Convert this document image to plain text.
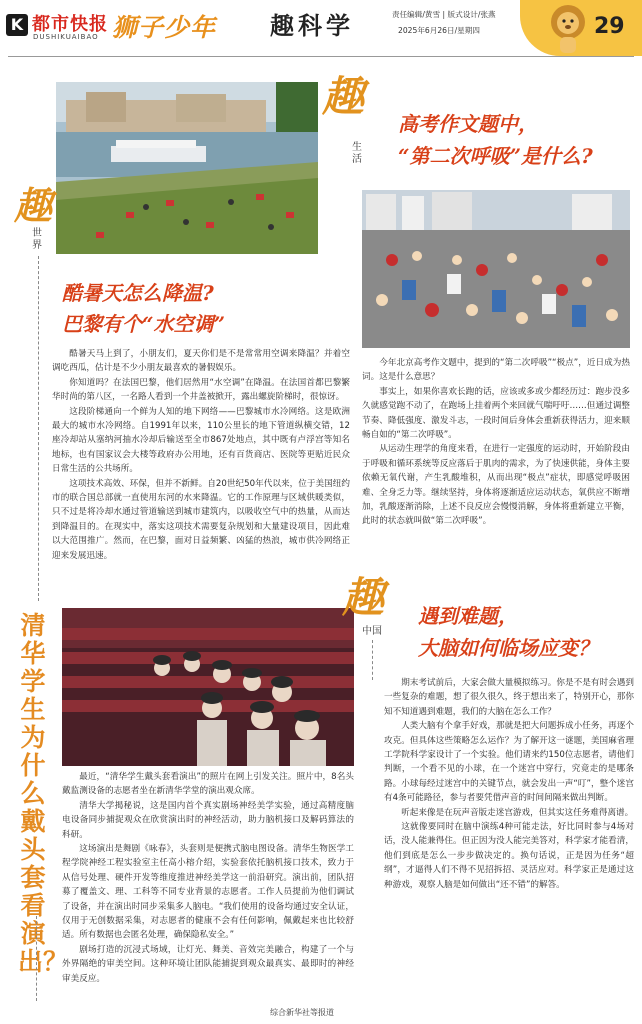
K 都市快报
DUSHIKUAIBAO 狮子少年 趣科学	责任编辑/黄雪 | 版式设计/张燕
2025年6月26日/星期四	29
趣
世界
酷暑天怎么降温?
巴黎有个“水空调”

酷暑天马上到了，小朋友们，夏天你们是不是常常用空调来降温？并着空调吃西瓜，估计是不少小朋友最喜欢的暑假娱乐。

你知道吗？在法国巴黎，他们居然用“水空调”在降温。在法国首都巴黎繁华时尚的第八区，一名路人看到一个井盖被掀开，露出螺旋阶梯时，很惊讶。

这段阶梯通向一个鲜为人知的地下网络——巴黎城市水冷网络。这是欧洲最大的城市水冷网络。自1991年以来，110公里长的地下管道纵横交错，12座冷却站从塞纳河抽水冷却后输送至全市867处地点，其中既有卢浮宫等知名地标，也有国家议会大楼等政府办公用地，还有百货商店、医院等更贴近民众日常生活的公共场所。

这项技术高效、环保，但并不新鲜。自20世纪50年代以来，位于美国纽约市的联合国总部就一直使用东河的水来降温。它的工作原理与区域供暖类似，只不过是将冷却水通过管道输送到城市建筑内，以吸收空气中的热量，从而达到降温目的。在现实中，落实这项技术需要复杂规划和大量建设项目，因此难以大范围推广。然而，在巴黎，面对日益频繁、凶猛的热浪，城市供冷网络正迎来发展迅速。

趣
生活
高考作文题中，
“第二次呼吸”是什么?

今年北京高考作文题中，提到的“第二次呼吸”“极点”，近日成为热词。这是什么意思？

事实上，如果你喜欢长跑的话，应该或多或少都经历过：跑步没多久就感觉跑不动了，在跑场上挂着两个来回就气喘吁吁……但通过调整节奏、降低强度、激发斗志，一段时间后身体会重新获得活力，迎来顺畅自如的“第二次呼吸”。

从运动生理学的角度来看，在进行一定强度的运动时，开始阶段由于呼吸和循环系统等反应落后于肌肉的需求，为了快速供能，身体主要依赖无氧代谢，产生乳酸堆积，从而出现“极点”症状，即感觉呼吸困难、全身乏力等。继续坚持，身体将逐渐适应运动状态，氧供应不断增加，乳酸逐渐消除，上述不良反应会慢慢消解，身体将重新建立平衡，此时的状态就叫做“第二次呼吸”。

清华学生为什么戴头套看演出？

最近，“清华学生戴头套看演出”的照片在网上引发关注。照片中，8名头戴监测设备的志愿者坐在新清华学堂的演出观众席。

清华大学揭秘说，这是国内首个真实剧场神经美学实验，通过高精度脑电设备同步捕捉观众在欣赏演出时的神经活动，助力脑机接口及解码算法的科研。

这场演出是舞剧《咏春》，头套则是便携式脑电图设备。清华生物医学工程学院神经工程实验室主任高小榕介绍，实验套依托脑机接口技术，致力于从信号处理、硬件开发等维度推进神经美学这一前沿研究。演出前，团队招募了覆盖文、理、工科等不同专业背景的志愿者。工作人员提前为他们调试了设备，并在演出时同步采集多人脑电。“我们使用的设备均通过安全认证，仅用于无创数据采集，对志愿者的健康不会有任何影响，佩戴起来也比较舒适。所有数据也会匿名处理，确保隐私安全。”

剧场打造的沉浸式场域，让灯光、舞美、音效完美融合，构建了一个与外界隔绝的审美空间。这种环境让团队能捕捉到观众最真实、最即时的神经审美反应。

趣
中国
遇到难题，
大脑如何临场应变？

期末考试前后，大家会做大量模拟练习。你是不是有时会遇到一些复杂的难题，想了很久很久，终于想出来了，特别开心，那你知不知道遇到难题，我们的大脑在怎么工作？

人类大脑有个拿手好戏，那就是把大问题拆成小任务，再逐个攻克。但具体这些策略怎么运作？为了解开这一谜题，美国麻省理工学院科学家设计了一个实验。他们请来约150位志愿者，请他们判断，一个看不见的小球，在一个迷宫中穿行，究竟走的是哪条路。小球每经过迷宫中的关键节点，就会发出一声“叮”，整个迷宫有4条可能路径，参与者要凭借声音的时间间隔来做出判断。

听起来像是在玩声音版走迷宫游戏，但其实这任务难得离谱。

这就像要同时在脑中演练4种可能走法，好比同时参与4场对话，没人能兼得住。但正因为没人能完美答对，科学家才能看清，他们到底是怎么一步步做决定的。换句话说，正是因为任务“超纲”，才逼得人们不得不见招拆招、灵活应对。科学家正是通过这种游戏，观察人脑是如何做出“还不错”的解答。

综合新华社等报道
